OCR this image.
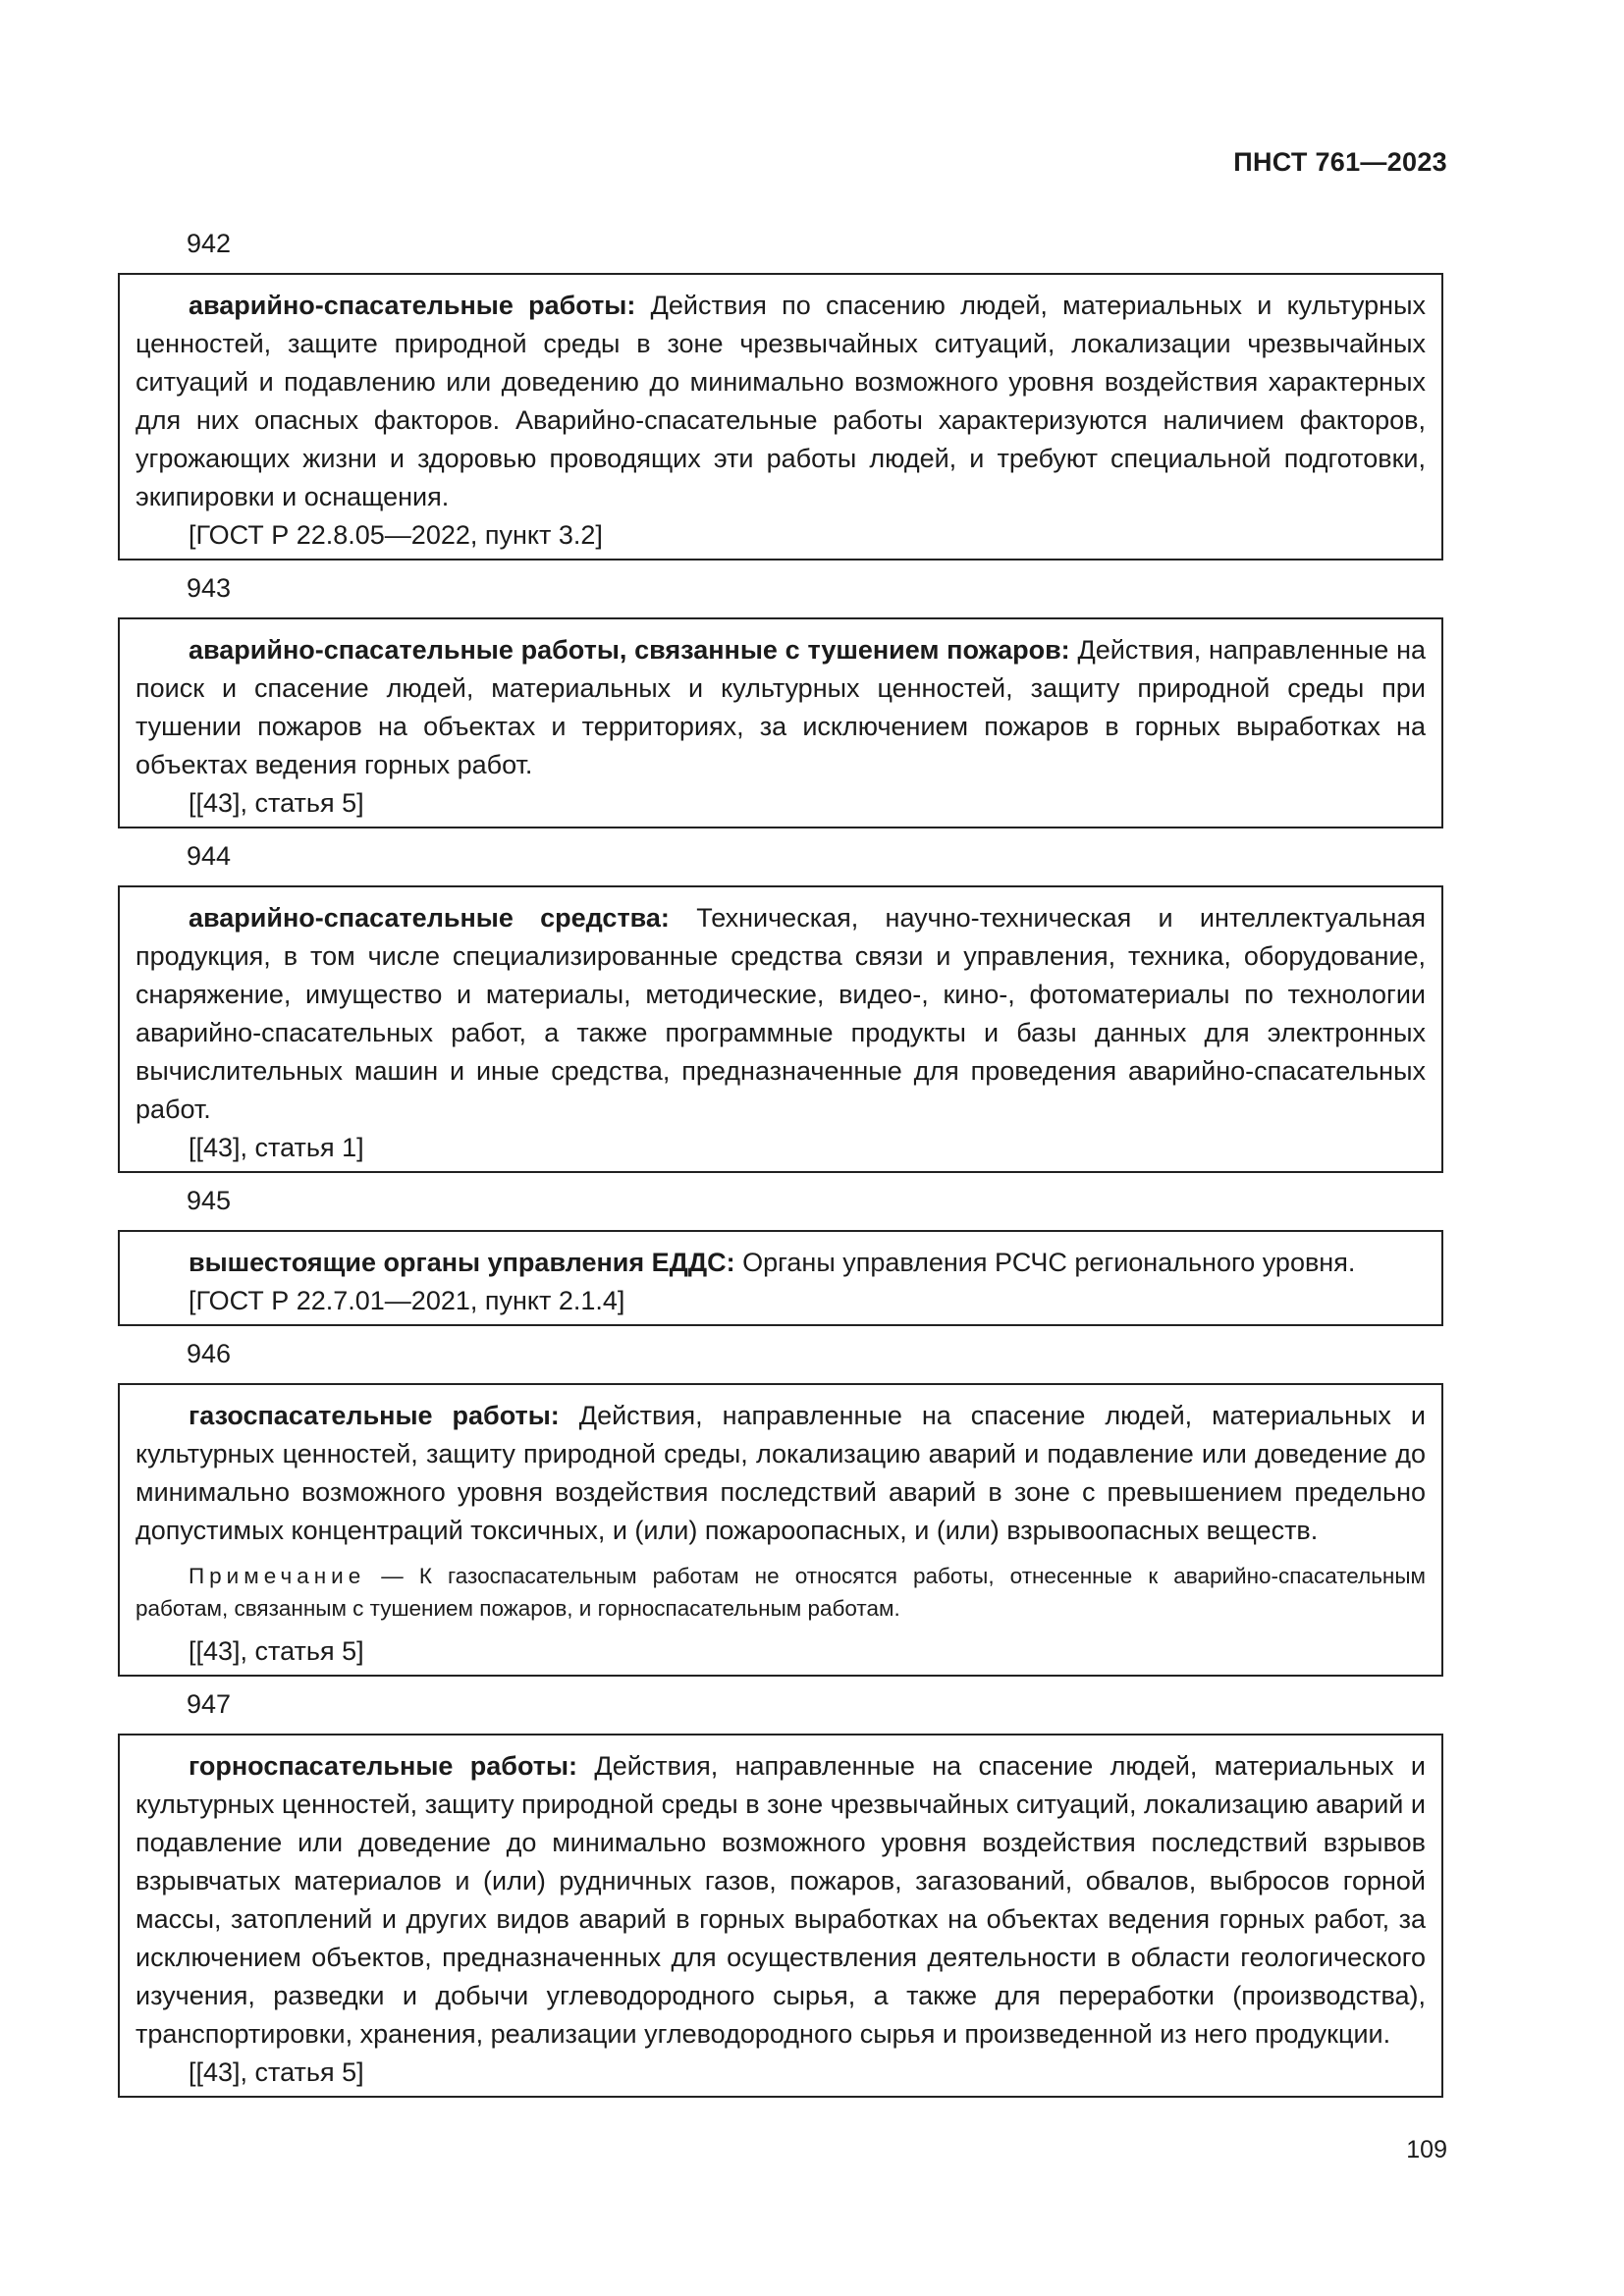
ПНСТ 761—2023
942
аварийно-спасательные работы: Действия по спасению людей, материальных и культурных ценностей, защите природной среды в зоне чрезвычайных ситуаций, локализации чрезвычайных ситуаций и подавлению или доведению до минимально возможного уровня воздействия характерных для них опасных факторов. Аварийно-спасательные работы характеризуются наличием факторов, угрожающих жизни и здоровью проводящих эти работы людей, и требуют специальной подготовки, экипировки и оснащения.
[ГОСТ Р 22.8.05—2022, пункт 3.2]
943
аварийно-спасательные работы, связанные с тушением пожаров: Действия, направленные на поиск и спасение людей, материальных и культурных ценностей, защиту природной среды при тушении пожаров на объектах и территориях, за исключением пожаров в горных выработках на объектах ведения горных работ.
[[43], статья 5]
944
аварийно-спасательные средства: Техническая, научно-техническая и интеллектуальная продукция, в том числе специализированные средства связи и управления, техника, оборудование, снаряжение, имущество и материалы, методические, видео-, кино-, фотоматериалы по технологии аварийно-спасательных работ, а также программные продукты и базы данных для электронных вычислительных машин и иные средства, предназначенные для проведения аварийно-спасательных работ.
[[43], статья 1]
945
вышестоящие органы управления ЕДДС: Органы управления РСЧС регионального уровня.
[ГОСТ Р 22.7.01—2021, пункт 2.1.4]
946
газоспасательные работы: Действия, направленные на спасение людей, материальных и культурных ценностей, защиту природной среды, локализацию аварий и подавление или доведение до минимально возможного уровня воздействия последствий аварий в зоне с превышением предельно допустимых концентраций токсичных, и (или) пожароопасных, и (или) взрывоопасных веществ.
Примечание — К газоспасательным работам не относятся работы, отнесенные к аварийно-спасательным работам, связанным с тушением пожаров, и горноспасательным работам.
[[43], статья 5]
947
горноспасательные работы: Действия, направленные на спасение людей, материальных и культурных ценностей, защиту природной среды в зоне чрезвычайных ситуаций, локализацию аварий и подавление или доведение до минимально возможного уровня воздействия последствий взрывов взрывчатых материалов и (или) рудничных газов, пожаров, загазований, обвалов, выбросов горной массы, затоплений и других видов аварий в горных выработках на объектах ведения горных работ, за исключением объектов, предназначенных для осуществления деятельности в области геологического изучения, разведки и добычи углеводородного сырья, а также для переработки (производства), транспортировки, хранения, реализации углеводородного сырья и произведенной из него продукции.
[[43], статья 5]
109
